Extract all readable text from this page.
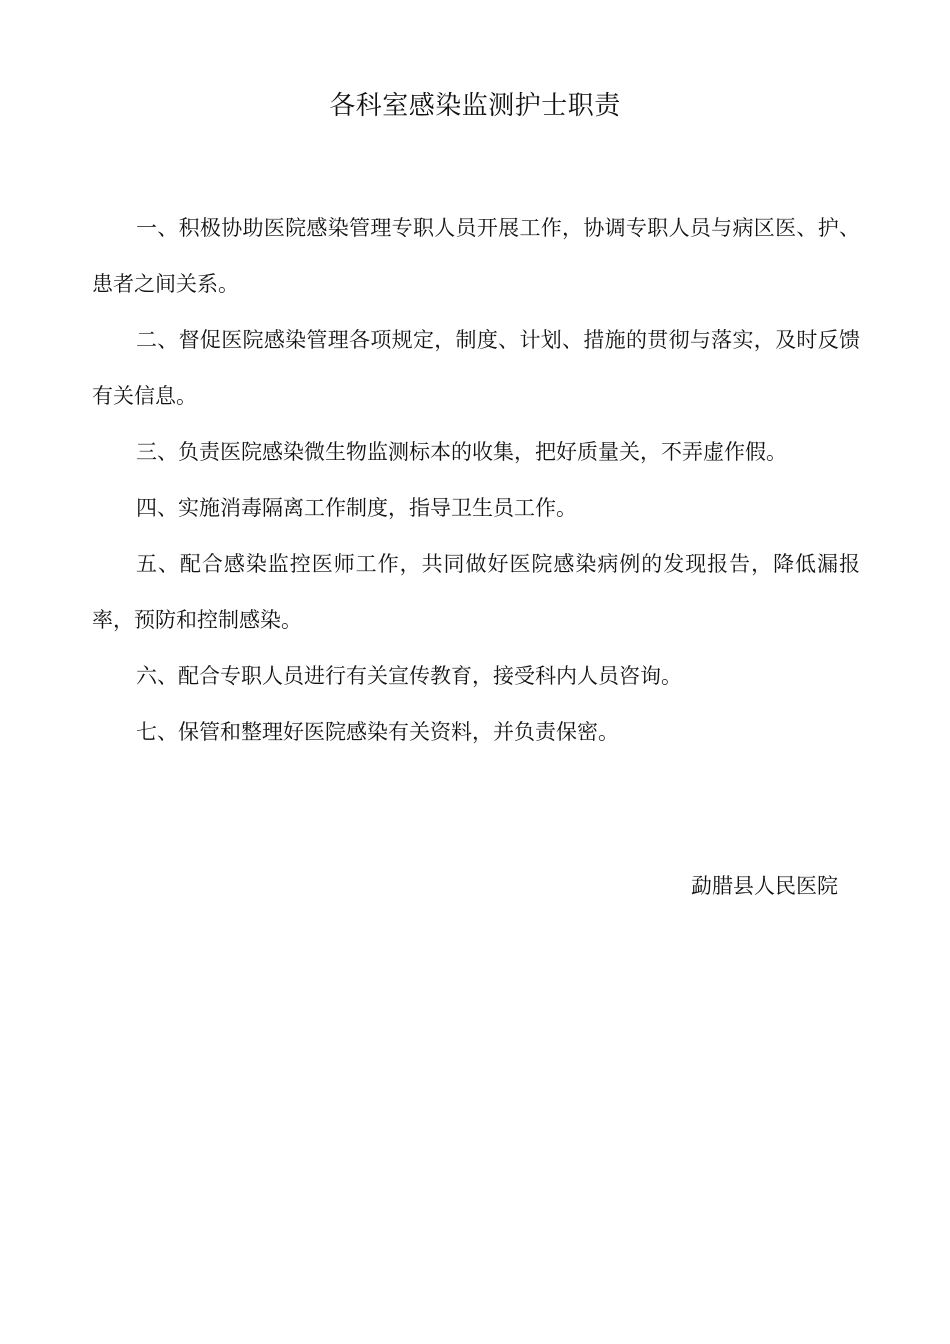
各科室感染监测护士职责

一、积极协助医院感染管理专职人员开展工作，协调专职人员与病区医、护、患者之间关系。

二、督促医院感染管理各项规定，制度、计划、措施的贯彻与落实，及时反馈有关信息。

三、负责医院感染微生物监测标本的收集，把好质量关，不弄虚作假。

四、实施消毒隔离工作制度，指导卫生员工作。

五、配合感染监控医师工作，共同做好医院感染病例的发现报告，降低漏报率，预防和控制感染。

六、配合专职人员进行有关宣传教育，接受科内人员咨询。

七、保管和整理好医院感染有关资料，并负责保密。

勐腊县人民医院
